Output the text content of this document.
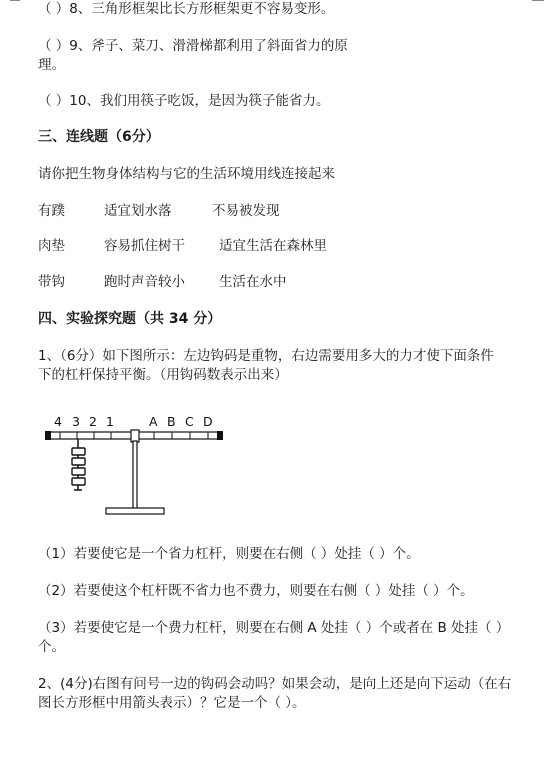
（ ）8、三角形框架比长方形框架更不容易变形。
（ ）9、斧子、菜刀、滑滑梯都利用了斜面省力的原
理。
（ ）10、我们用筷子吃饭，是因为筷子能省力。
三、连线题（6分）
请你把生物身体结构与它的生活环境用线连接起来
有蹼	适宜划水落	不易被发现
肉垫	容易抓住树干	适宜生活在森林里
带钩	跑时声音较小	生活在水中
四、实验探究题（共 34 分）
1、（6分）如下图所示：左边钩码是重物，右边需要用多大的力才使下面条件
下的杠杆保持平衡。（用钩码数表示出来）
4 3 2 1	A B C D
（1）若要使它是一个省力杠杆，则要在右侧（ ）处挂（ ）个。
（2）若要使这个杠杆既不省力也不费力，则要在右侧（ ）处挂（ ）个。
（3）若要使它是一个费力杠杆，则要在右侧 A 处挂（ ）个或者在 B 处挂（ ）
个。
2、(4分)右图有问号一边的钩码会动吗？如果会动，是向上还是向下运动（在右
图长方形框中用箭头表示）？它是一个（ ）。
